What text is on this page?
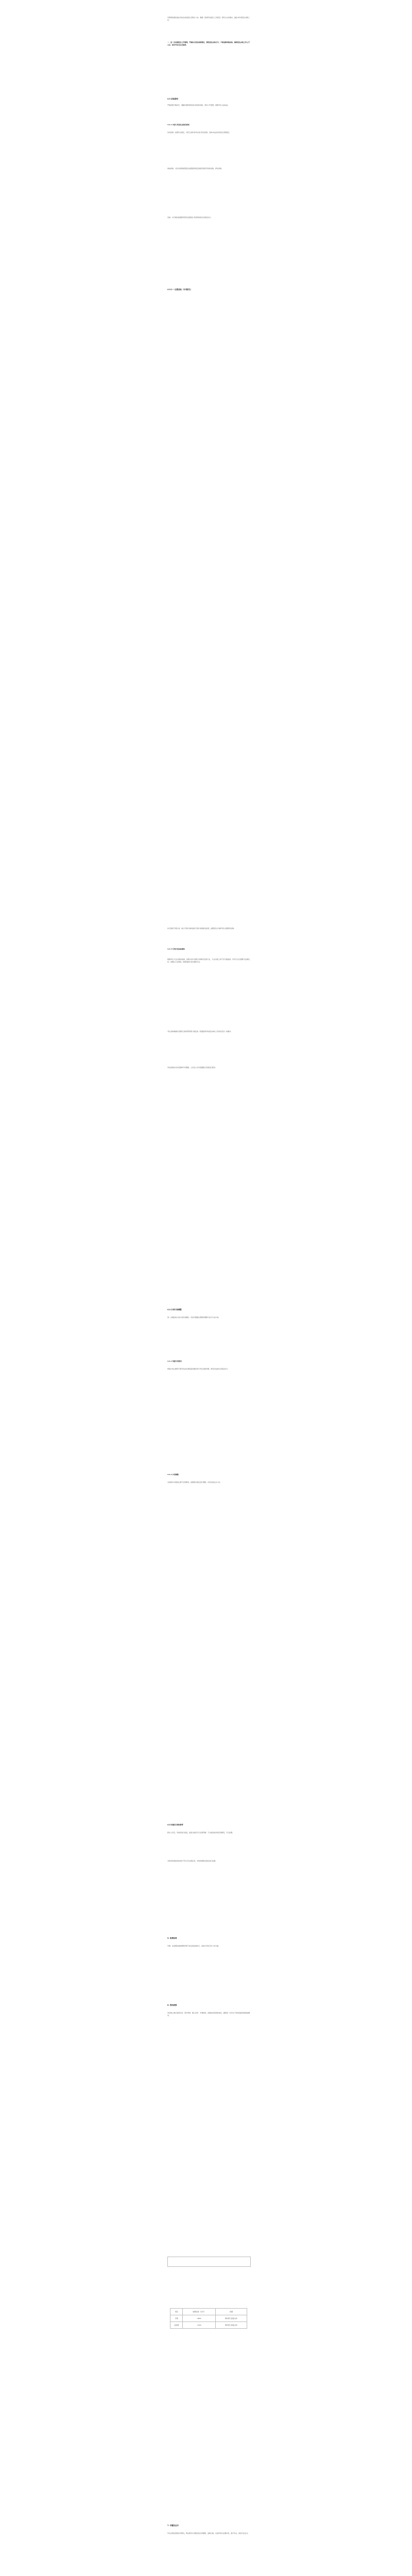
学费等收费标准在学校发布的招生章程中公布。根据《高等学校招生工作规定》等有关文件要求，做好本年度招生录取工作。

一、进一步加强招生工作管理，严格执行招生政策规定，规范招生录取行为，不得违规承诺录取，确保招生录取工作公平公正，接受考生及社会监督。

4.3 录取原则

严格按照分数优先、遵循志愿的原则进行投档和录取，坚持公开透明，保障考生合法权益。

4.3.1 申请门类招生录取的原则

免试录取：按照有关规定，对符合条件的考生进行免试录取，具体办法由学校招生章程规定。

单独录取：对有关特殊类型招生按照国家规定的程序组织考试和录取，择优录取。

其他：未尽事宜按照教育部及省级招生考试机构的有关规定执行。

4.3.2 一志愿录取（专项招生）

执行国家专项计划、地方专项计划和高校专项计划的相关政策，按照招生计划和考生志愿择优录取。

4.3.3 专项计划录取规则

根据考生专业志愿和成绩，按照从高分到低分的顺序安排专业，专业志愿之间不设分数级差。所有专业志愿都无法满足时，如服从专业调剂，则调剂到计划未满的专业。

考生身体健康状况须符合教育部等部门制定的《普通高等学校招生体检工作指导意见》的要求。

学校录取时对外语语种不作限制，入学后公共外语课程以英语进行教学。

4.4 分省计划调整

第一志愿投档分省计划有余额时，学校可根据生源情况调整分省分专业计划。

4.4.1 预留计划使用

预留计划主要用于调节各省生源质量及解决同分考生录取问题，使用办法按有关规定执行。

4.4.2 计划调整

对录取中出现的生源不足等情况，按照相关规定进行调整，并及时向社会公布。

4.5 体检与身体条件

新生入学后，学校将进行复查，复查合格者予以注册学籍；不合格者由学校区别情况，予以处理。

对患有疾病或身体条件不符合有关规定者，学校依照相关规定进行处理。

5. 收费标准

学费、住宿费标准按照物价部门核定的标准执行，具体以学校当年公布为准。

6. 资助政策

学校建立健全奖助学金、助学贷款、勤工助学、学费减免、困难补助等资助体系，确保每一位学生不因家庭经济困难而辍学。

项目	收费标准（元/年）	依据
学费	4800	物价部门批复文件
住宿费	1200	物价部门批复文件

7. 学籍及证书

学生在规定的修业年限内，修完教学计划规定的全部课程，成绩合格，达到学校毕业要求者，准予毕业，颁发毕业证书。
